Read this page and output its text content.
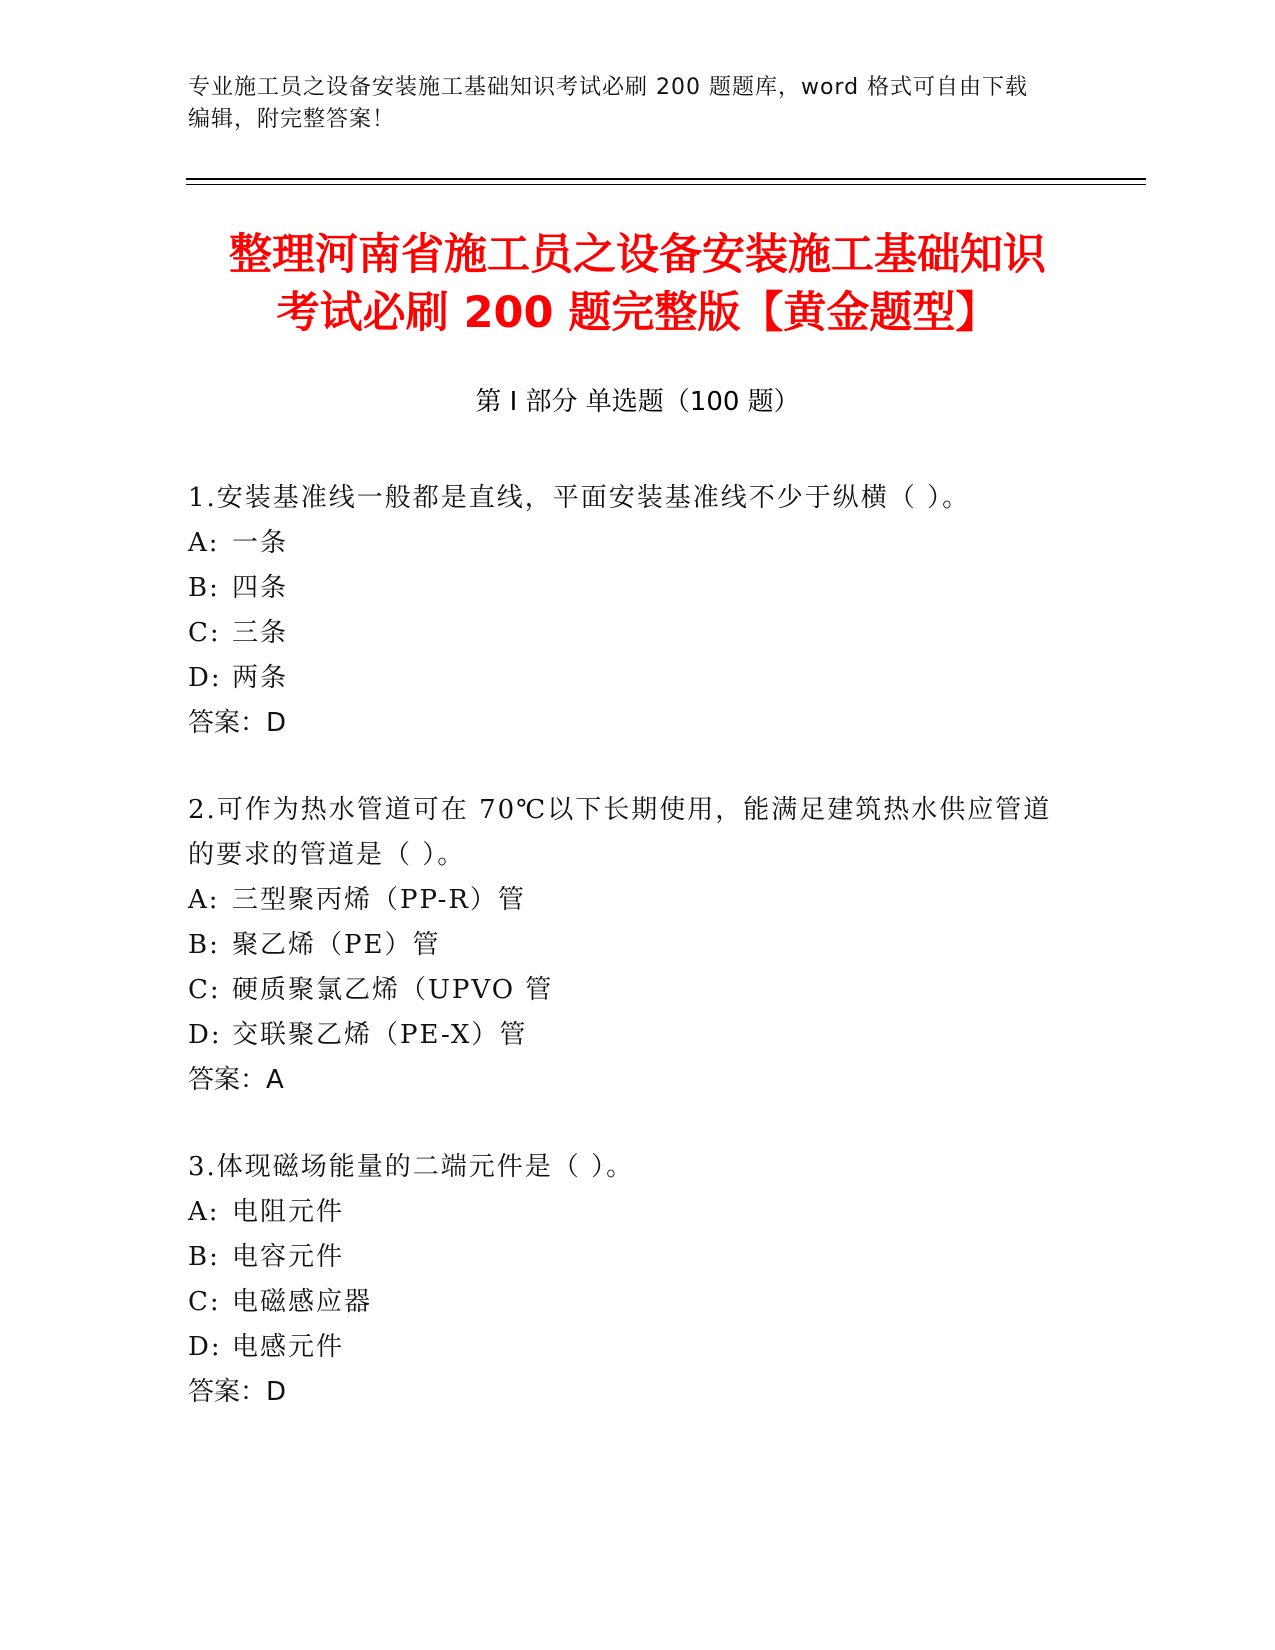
专业施工员之设备安装施工基础知识考试必刷 200 题题库，word 格式可自由下载
编辑，附完整答案！
整理河南省施工员之设备安装施工基础知识
考试必刷 200 题完整版【黄金题型】
第 I 部分 单选题（100 题）
1.安装基准线一般都是直线，平面安装基准线不少于纵横（ ）。
A: 一条
B: 四条
C: 三条
D: 两条
答案：D
2.可作为热水管道可在 70℃以下长期使用，能满足建筑热水供应管道
的要求的管道是（ ）。
A: 三型聚丙烯（PP-R）管
B: 聚乙烯（PE）管
C: 硬质聚氯乙烯（UPVO 管
D: 交联聚乙烯（PE-X）管
答案：A
3.体现磁场能量的二端元件是（ ）。
A: 电阻元件
B: 电容元件
C: 电磁感应器
D: 电感元件
答案：D
